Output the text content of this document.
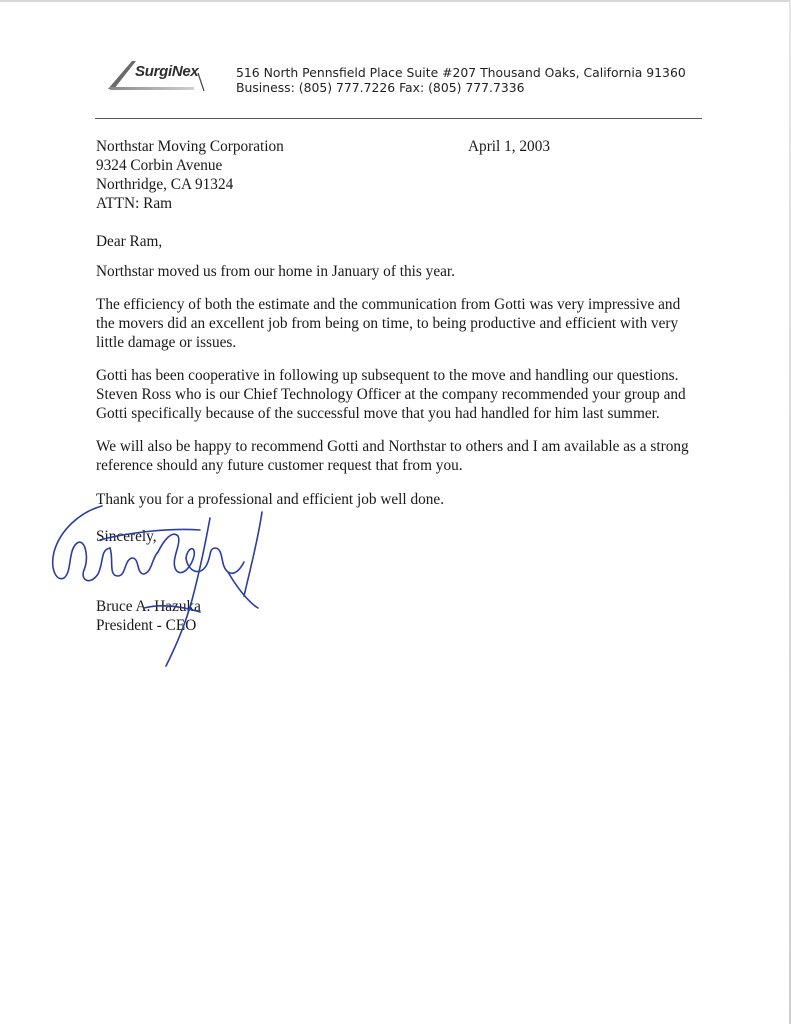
SurgiNex	516 North Pennsfield Place Suite #207 Thousand Oaks, California 91360
Business: (805) 777.7226 Fax: (805) 777.7336
April 1, 2003
Northstar Moving Corporation
9324 Corbin Avenue
Northridge, CA 91324
ATTN: Ram
Dear Ram,
Northstar moved us from our home in January of this year.
The efficiency of both the estimate and the communication from Gotti was very impressive and
the movers did an excellent job from being on time, to being productive and efficient with very
little damage or issues.
Gotti has been cooperative in following up subsequent to the move and handling our questions.
Steven Ross who is our Chief Technology Officer at the company recommended your group and
Gotti specifically because of the successful move that you had handled for him last summer.
We will also be happy to recommend Gotti and Northstar to others and I am available as a strong
reference should any future customer request that from you.
Thank you for a professional and efficient job well done.
Sincerely,
Bruce A. Hazuka
President - CEO
